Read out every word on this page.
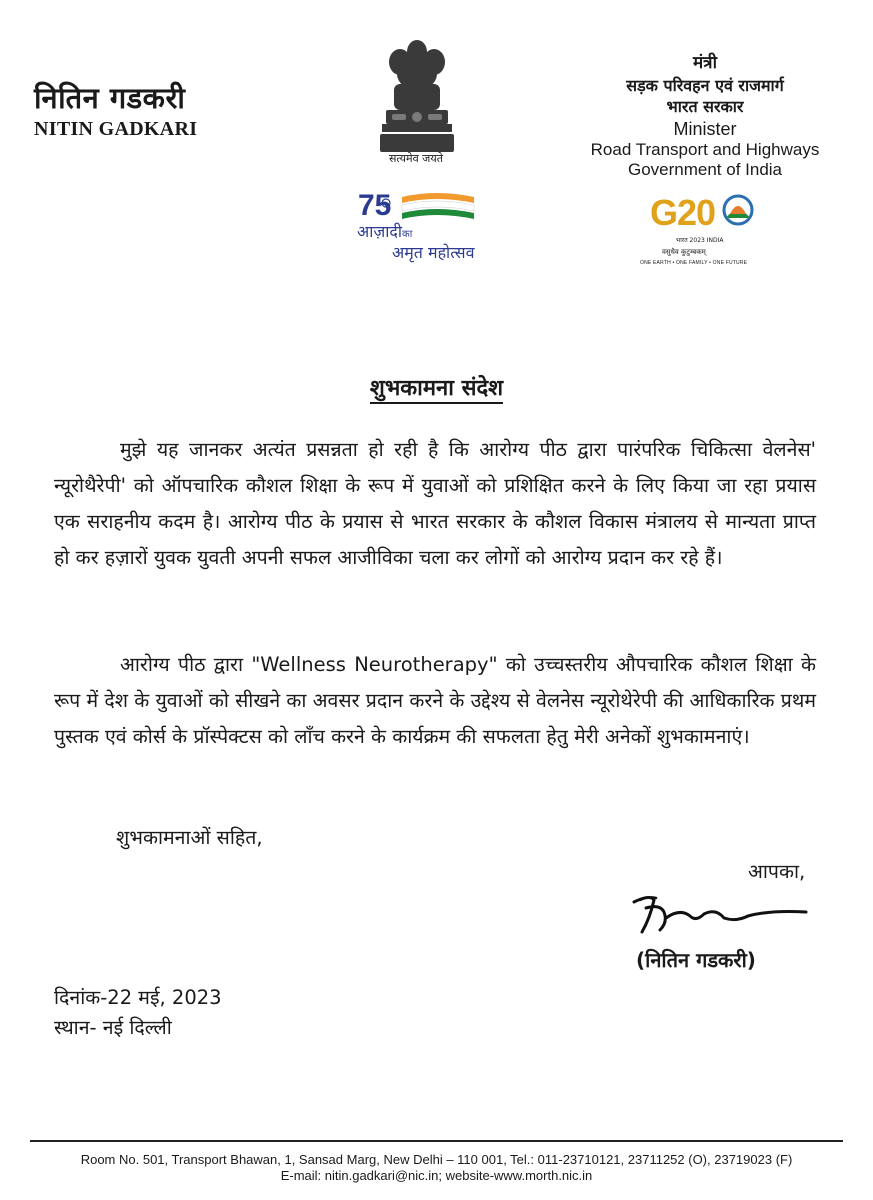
नितिन गडकरी
NITIN GADKARI
सत्यमेव जयते
75
आज़ादीका
अमृत महोत्सव
मंत्री
सड़क परिवहन एवं राजमार्ग
भारत सरकार
Minister
Road Transport and Highways
Government of India
G20
भारत 2023 INDIA
वसुधैव कुटुम्बकम्
ONE EARTH • ONE FAMILY • ONE FUTURE
शुभकामना संदेश
मुझे यह जानकर अत्यंत प्रसन्नता हो रही है कि आरोग्य पीठ द्वारा पारंपरिक चिकित्सा वेलनेस' न्यूरोथैरेपी' को ऑपचारिक कौशल शिक्षा के रूप में युवाओं को प्रशिक्षित करने के लिए किया जा रहा प्रयास एक सराहनीय कदम है। आरोग्य पीठ के प्रयास से भारत सरकार के कौशल विकास मंत्रालय से मान्यता प्राप्त हो कर हज़ारों युवक युवती अपनी सफल आजीविका चला कर लोगों को आरोग्य प्रदान कर रहे हैं।
आरोग्य पीठ द्वारा "Wellness Neurotherapy" को उच्चस्तरीय औपचारिक कौशल शिक्षा के रूप में देश के युवाओं को सीखने का अवसर प्रदान करने के उद्देश्य से वेलनेस न्यूरोथेरेपी की आधिकारिक प्रथम पुस्तक एवं कोर्स के प्रॉस्पेक्टस को लाँच करने के कार्यक्रम की सफलता हेतु मेरी अनेकों शुभकामनाएं।
शुभकामनाओं सहित,
आपका,
(नितिन गडकरी)
दिनांक-22 मई, 2023
स्थान- नई दिल्ली
Room No. 501, Transport Bhawan, 1, Sansad Marg, New Delhi – 110 001, Tel.: 011-23710121, 23711252 (O), 23719023 (F)
E-mail: nitin.gadkari@nic.in; website-www.morth.nic.in
